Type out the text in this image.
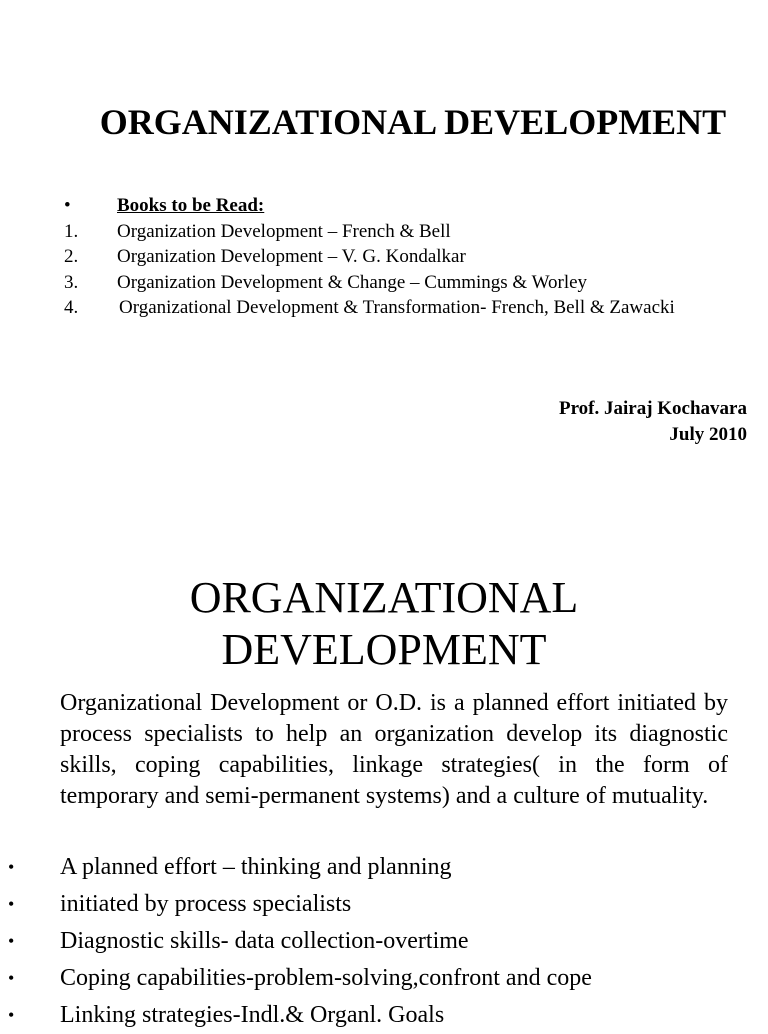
ORGANIZATIONAL DEVELOPMENT
• Books to be Read:
1. Organization Development – French & Bell
2. Organization Development – V. G. Kondalkar
3. Organization Development & Change – Cummings & Worley
4. Organizational Development & Transformation- French, Bell & Zawacki
Prof. Jairaj Kochavara
July 2010
ORGANIZATIONAL
DEVELOPMENT
Organizational Development or O.D. is a planned effort initiated by process specialists to help an organization develop its diagnostic skills, coping capabilities, linkage strategies( in the form of temporary and semi-permanent systems) and a culture of mutuality.
• A planned effort – thinking and planning
• initiated by process specialists
• Diagnostic skills- data collection-overtime
• Coping capabilities-problem-solving,confront and cope
• Linking strategies-Indl.& Organl. Goals
